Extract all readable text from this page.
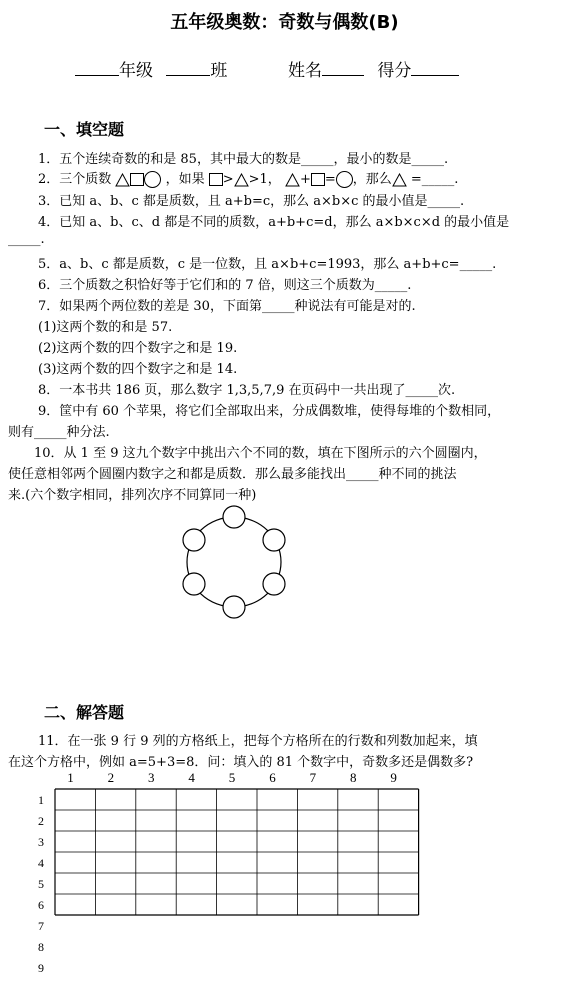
五年级奥数：奇数与偶数(B)
年级	班	姓名	得分
一、填空题
1．五个连续奇数的和是 85，其中最大的数是_____，最小的数是_____.
2．三个质数	，如果 > >1， + = ，那么 =_____.
3．已知 a、b、c 都是质数，且 a+b=c，那么 a×b×c 的最小值是_____.
4．已知 a、b、c、d 都是不同的质数，a+b+c=d，那么 a×b×c×d 的最小值是
_____.
5．a、b、c 都是质数，c 是一位数，且 a×b+c=1993，那么 a+b+c=_____.
6．三个质数之积恰好等于它们和的 7 倍，则这三个质数为_____.
7．如果两个两位数的差是 30，下面第_____种说法有可能是对的.
(1)这两个数的和是 57.
(2)这两个数的四个数字之和是 19.
(3)这两个数的四个数字之和是 14.
8．一本书共 186 页，那么数字 1,3,5,7,9 在页码中一共出现了_____次.
9．筐中有 60 个苹果，将它们全部取出来，分成偶数堆，使得每堆的个数相同，
则有_____种分法.
10．从 1 至 9 这九个数字中挑出六个不同的数，填在下图所示的六个圆圈内，
使任意相邻两个圆圈内数字之和都是质数．那么最多能找出_____种不同的挑法
来.(六个数字相同，排列次序不同算同一种)
二、解答题
11．在一张 9 行 9 列的方格纸上，把每个方格所在的行数和列数加起来，填
在这个方格中，例如 a=5+3=8．问：填入的 81 个数字中，奇数多还是偶数多?
1	2	3	4	5	6	7	8	9
1
2
3
4
5
6
7
8
9
